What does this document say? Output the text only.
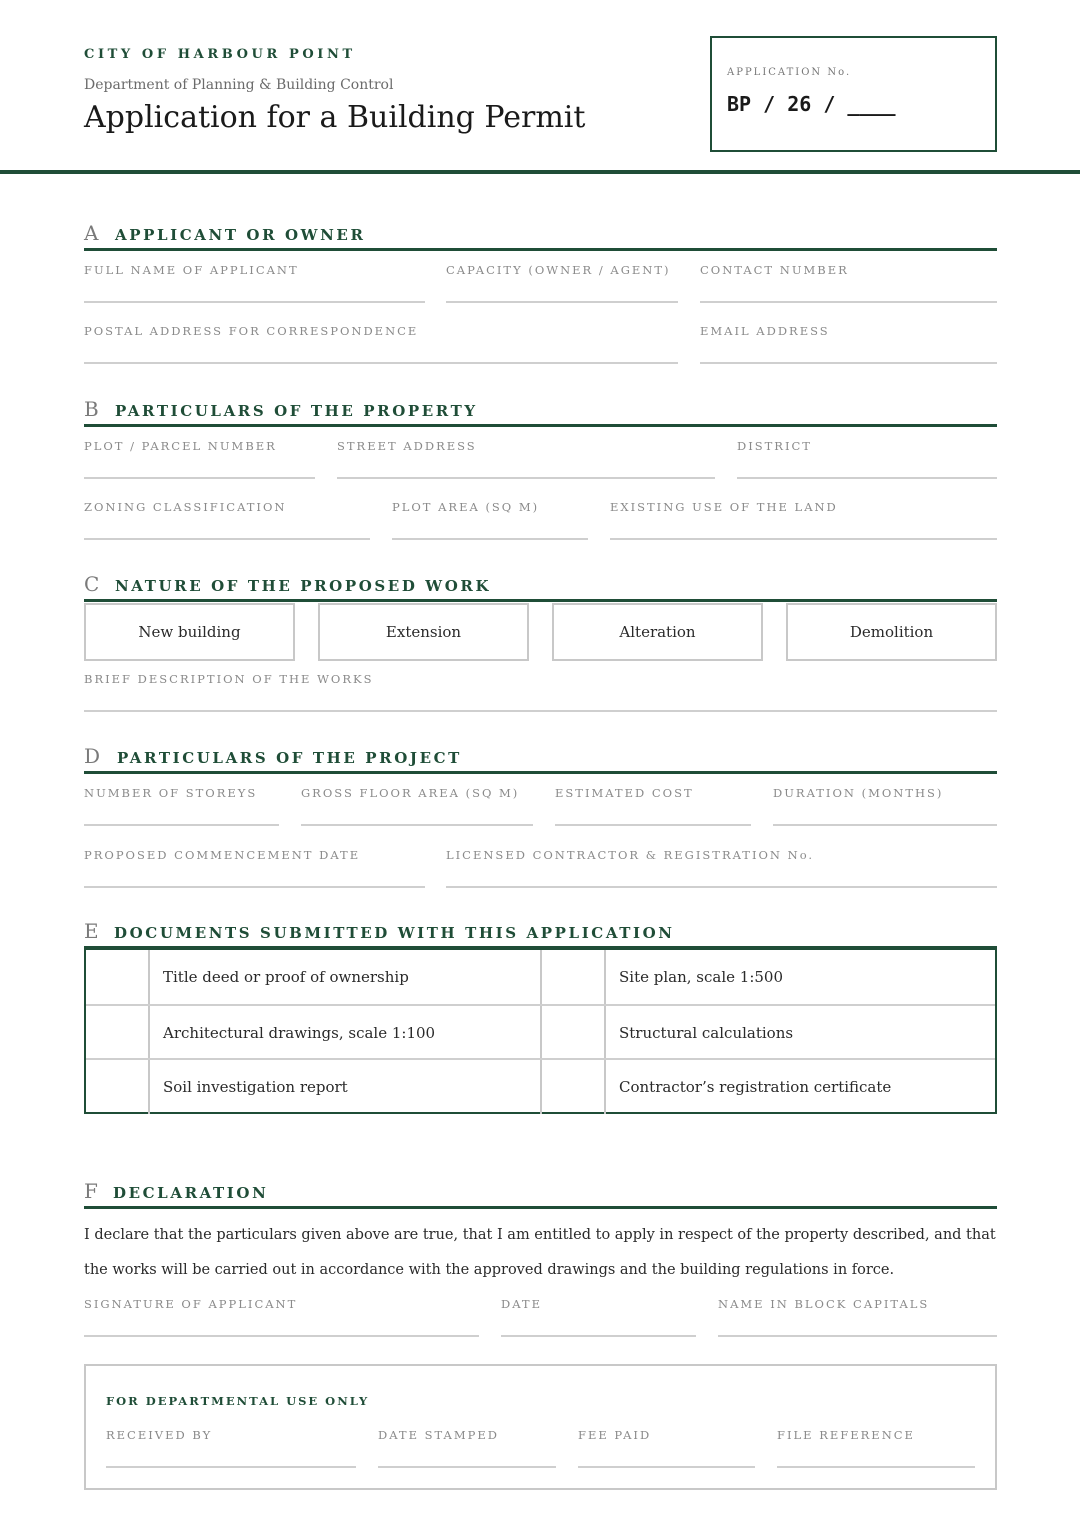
CITY OF HARBOUR POINT
Department of Planning & Building Control
Application for a Building Permit
APPLICATION No.
BP / 26 / ____
A APPLICANT OR OWNER
FULL NAME OF APPLICANT	CAPACITY (OWNER / AGENT)	CONTACT NUMBER
POSTAL ADDRESS FOR CORRESPONDENCE	EMAIL ADDRESS
B PARTICULARS OF THE PROPERTY
PLOT / PARCEL NUMBER	STREET ADDRESS	DISTRICT
ZONING CLASSIFICATION	PLOT AREA (SQ M)	EXISTING USE OF THE LAND
C NATURE OF THE PROPOSED WORK
New building	Extension	Alteration	Demolition
BRIEF DESCRIPTION OF THE WORKS
D PARTICULARS OF THE PROJECT
NUMBER OF STOREYS	GROSS FLOOR AREA (SQ M)	ESTIMATED COST	DURATION (MONTHS)
PROPOSED COMMENCEMENT DATE	LICENSED CONTRACTOR & REGISTRATION No.
E DOCUMENTS SUBMITTED WITH THIS APPLICATION
Title deed or proof of ownership	Site plan, scale 1:500
Architectural drawings, scale 1:100	Structural calculations
Soil investigation report	Contractor’s registration certificate
F DECLARATION
I declare that the particulars given above are true, that I am entitled to apply in respect of the property described, and that the works will be carried out in accordance with the approved drawings and the building regulations in force.
SIGNATURE OF APPLICANT	DATE	NAME IN BLOCK CAPITALS
FOR DEPARTMENTAL USE ONLY
RECEIVED BY	DATE STAMPED	FEE PAID	FILE REFERENCE
